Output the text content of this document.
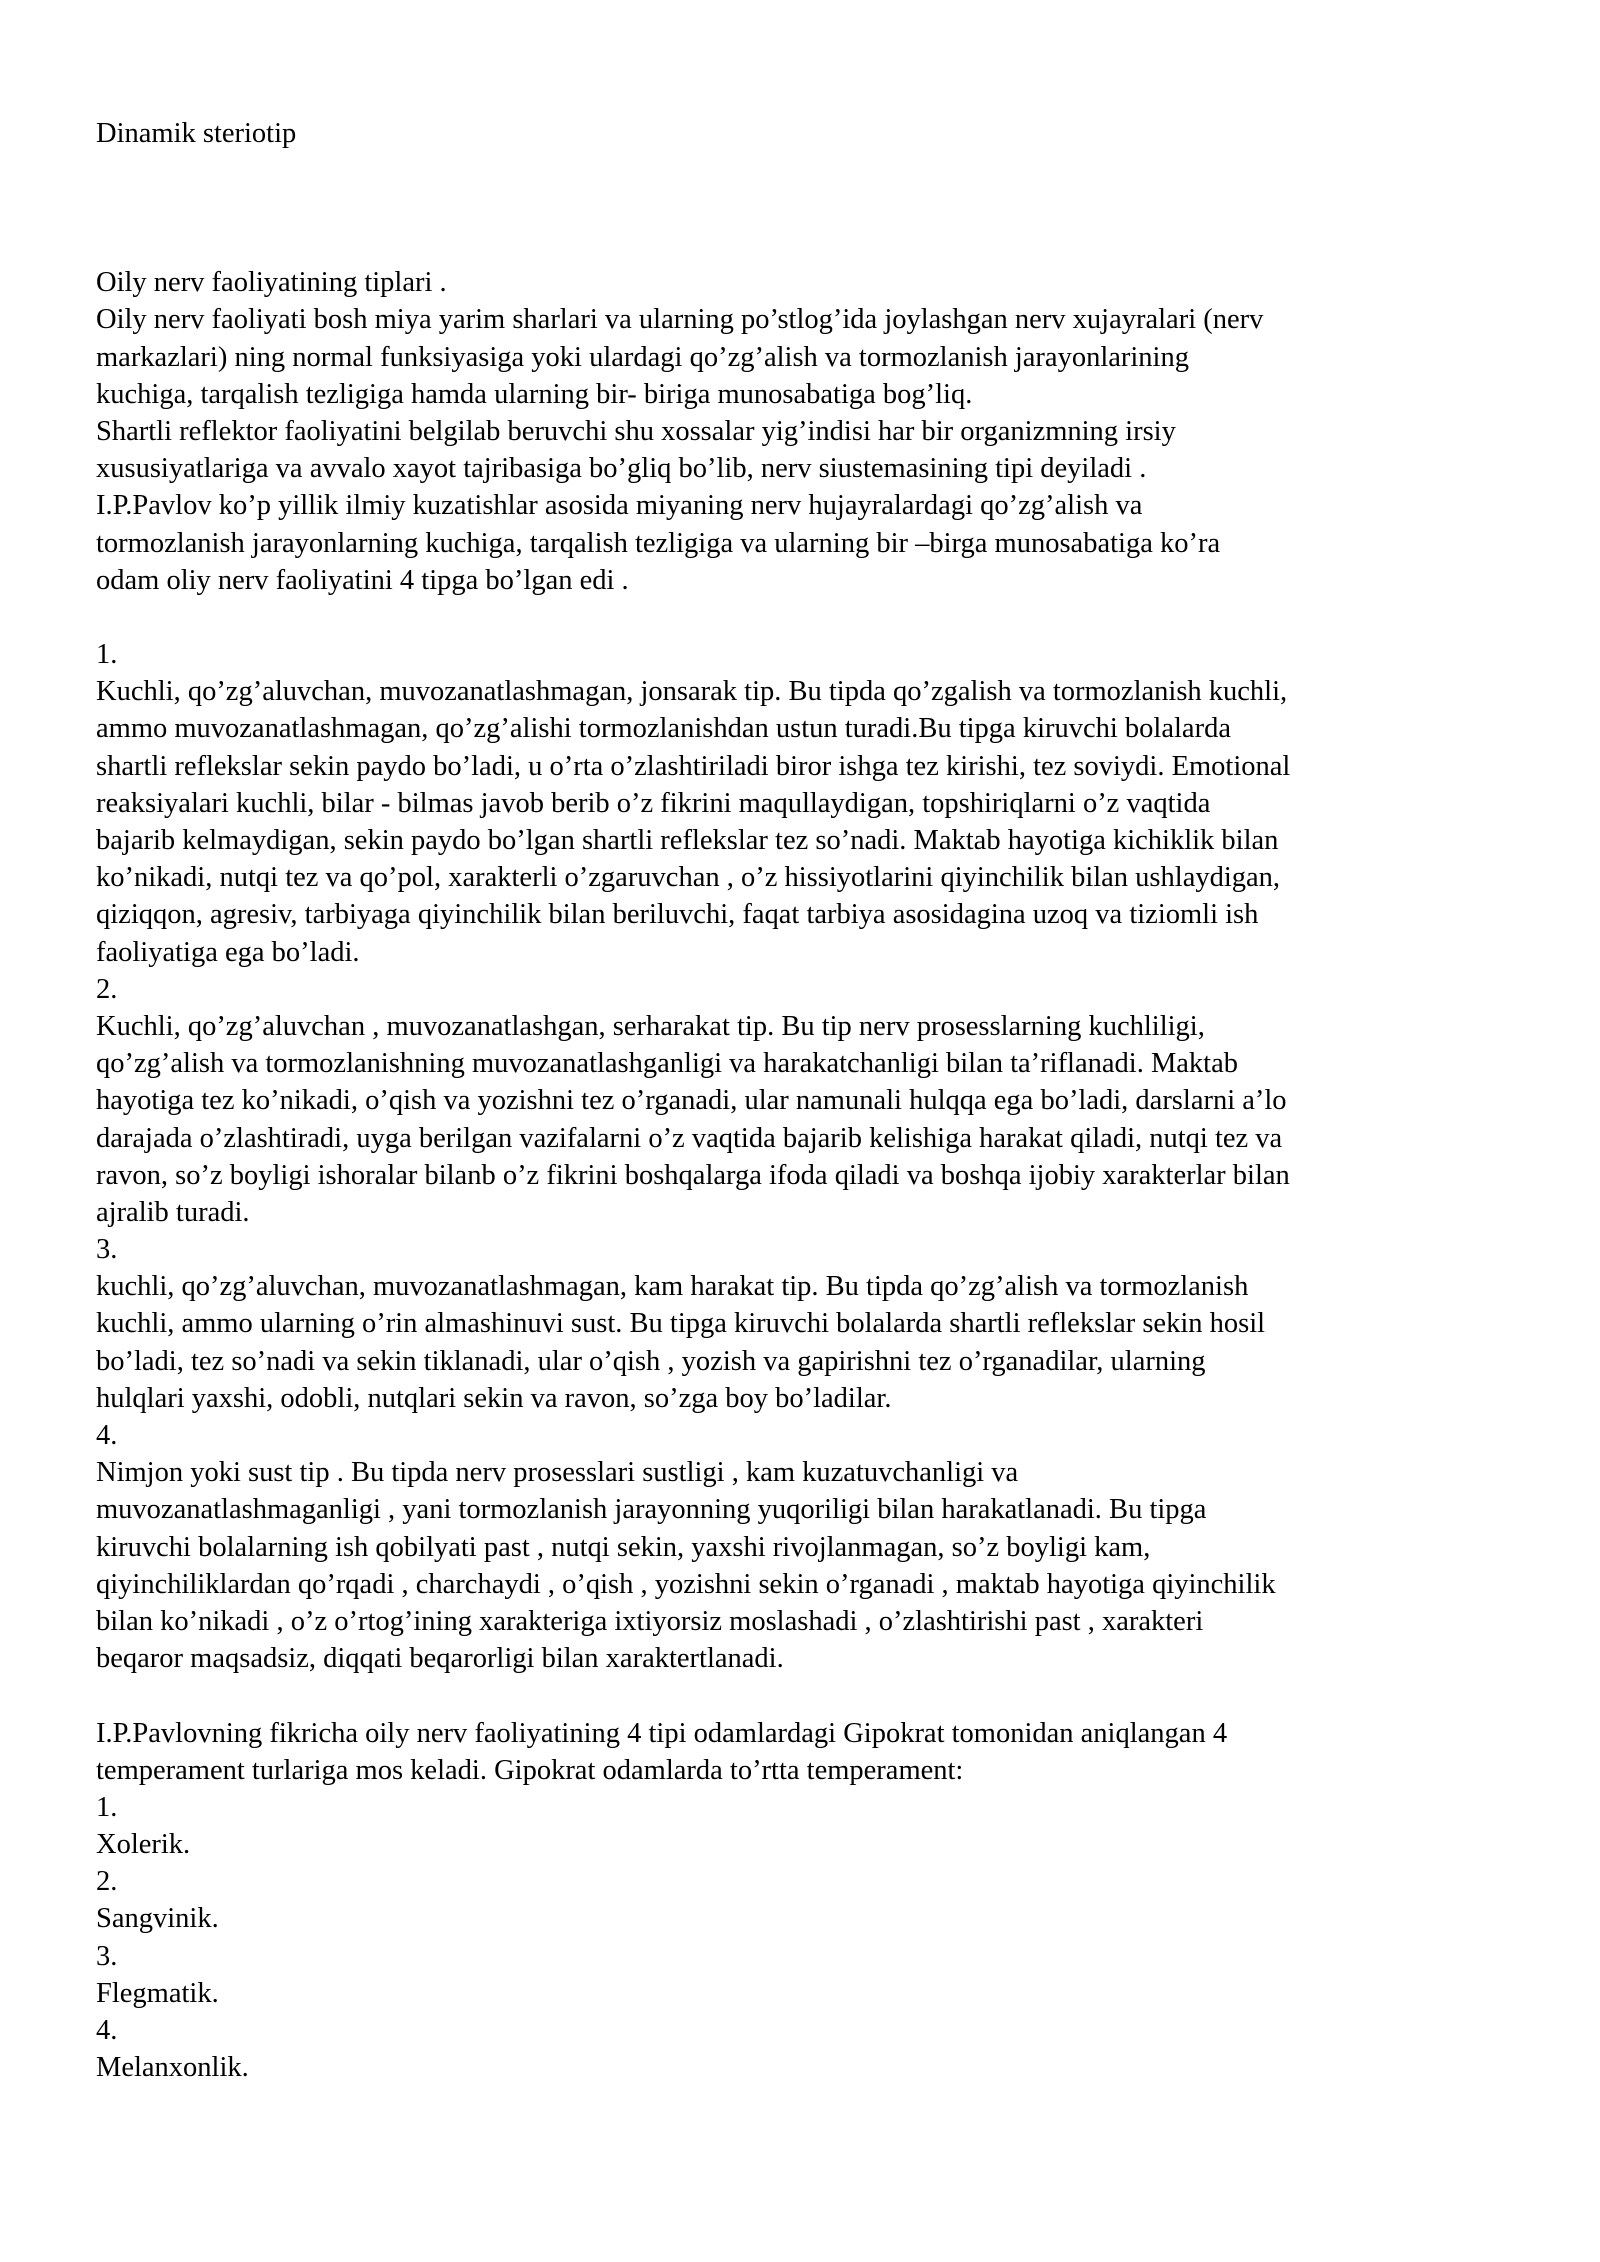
Dinamik steriotip
Oily nerv faoliyatining tiplari .
Oily nerv faoliyati bosh miya yarim sharlari va ularning po’stlog’ida joylashgan nerv xujayralari (nerv
markazlari) ning normal funksiyasiga yoki ulardagi qo’zg’alish va tormozlanish jarayonlarining
kuchiga, tarqalish tezligiga hamda ularning bir- biriga munosabatiga bog’liq.
Shartli reflektor faoliyatini belgilab beruvchi shu xossalar yig’indisi har bir organizmning irsiy
xususiyatlariga va avvalo xayot tajribasiga bo’gliq bo’lib, nerv siustemasining tipi deyiladi .
I.P.Pavlov ko’p yillik ilmiy kuzatishlar asosida miyaning nerv hujayralardagi qo’zg’alish va
tormozlanish jarayonlarning kuchiga, tarqalish tezligiga va ularning bir –birga munosabatiga ko’ra
odam oliy nerv faoliyatini 4 tipga bo’lgan edi .
1.
Kuchli, qo’zg’aluvchan, muvozanatlashmagan, jonsarak tip. Bu tipda qo’zgalish va tormozlanish kuchli,
ammo muvozanatlashmagan, qo’zg’alishi tormozlanishdan ustun turadi.Bu tipga kiruvchi bolalarda
shartli reflekslar sekin paydo bo’ladi, u o’rta o’zlashtiriladi biror ishga tez kirishi, tez soviydi. Emotional
reaksiyalari kuchli, bilar - bilmas javob berib o’z fikrini maqullaydigan, topshiriqlarni o’z vaqtida
bajarib kelmaydigan, sekin paydo bo’lgan shartli reflekslar tez so’nadi. Maktab hayotiga kichiklik bilan
ko’nikadi, nutqi tez va qo’pol, xarakterli o’zgaruvchan , o’z hissiyotlarini qiyinchilik bilan ushlaydigan,
qiziqqon, agresiv, tarbiyaga qiyinchilik bilan beriluvchi, faqat tarbiya asosidagina uzoq va tiziomli ish
faoliyatiga ega bo’ladi.
2.
Kuchli, qo’zg’aluvchan , muvozanatlashgan, serharakat tip. Bu tip nerv prosesslarning kuchliligi,
qo’zg’alish va tormozlanishning muvozanatlashganligi va harakatchanligi bilan ta’riflanadi. Maktab
hayotiga tez ko’nikadi, o’qish va yozishni tez o’rganadi, ular namunali hulqqa ega bo’ladi, darslarni a’lo
darajada o’zlashtiradi, uyga berilgan vazifalarni o’z vaqtida bajarib kelishiga harakat qiladi, nutqi tez va
ravon, so’z boyligi ishoralar bilanb o’z fikrini boshqalarga ifoda qiladi va boshqa ijobiy xarakterlar bilan
ajralib turadi.
3.
kuchli, qo’zg’aluvchan, muvozanatlashmagan, kam harakat tip. Bu tipda qo’zg’alish va tormozlanish
kuchli, ammo ularning o’rin almashinuvi sust. Bu tipga kiruvchi bolalarda shartli reflekslar sekin hosil
bo’ladi, tez so’nadi va sekin tiklanadi, ular o’qish , yozish va gapirishni tez o’rganadilar, ularning
hulqlari yaxshi, odobli, nutqlari sekin va ravon, so’zga boy bo’ladilar.
4.
Nimjon yoki sust tip . Bu tipda nerv prosesslari sustligi , kam kuzatuvchanligi va
muvozanatlashmaganligi , yani tormozlanish jarayonning yuqoriligi bilan harakatlanadi. Bu tipga
kiruvchi bolalarning ish qobilyati past , nutqi sekin, yaxshi rivojlanmagan, so’z boyligi kam,
qiyinchiliklardan qo’rqadi , charchaydi , o’qish , yozishni sekin o’rganadi , maktab hayotiga qiyinchilik
bilan ko’nikadi , o’z o’rtog’ining xarakteriga ixtiyorsiz moslashadi , o’zlashtirishi past , xarakteri
beqaror maqsadsiz, diqqati beqarorligi bilan xaraktertlanadi.
I.P.Pavlovning fikricha oily nerv faoliyatining 4 tipi odamlardagi Gipokrat tomonidan aniqlangan 4
temperament turlariga mos keladi. Gipokrat odamlarda to’rtta temperament:
1.
Xolerik.
2.
Sangvinik.
3.
Flegmatik.
4.
Melanxonlik.
